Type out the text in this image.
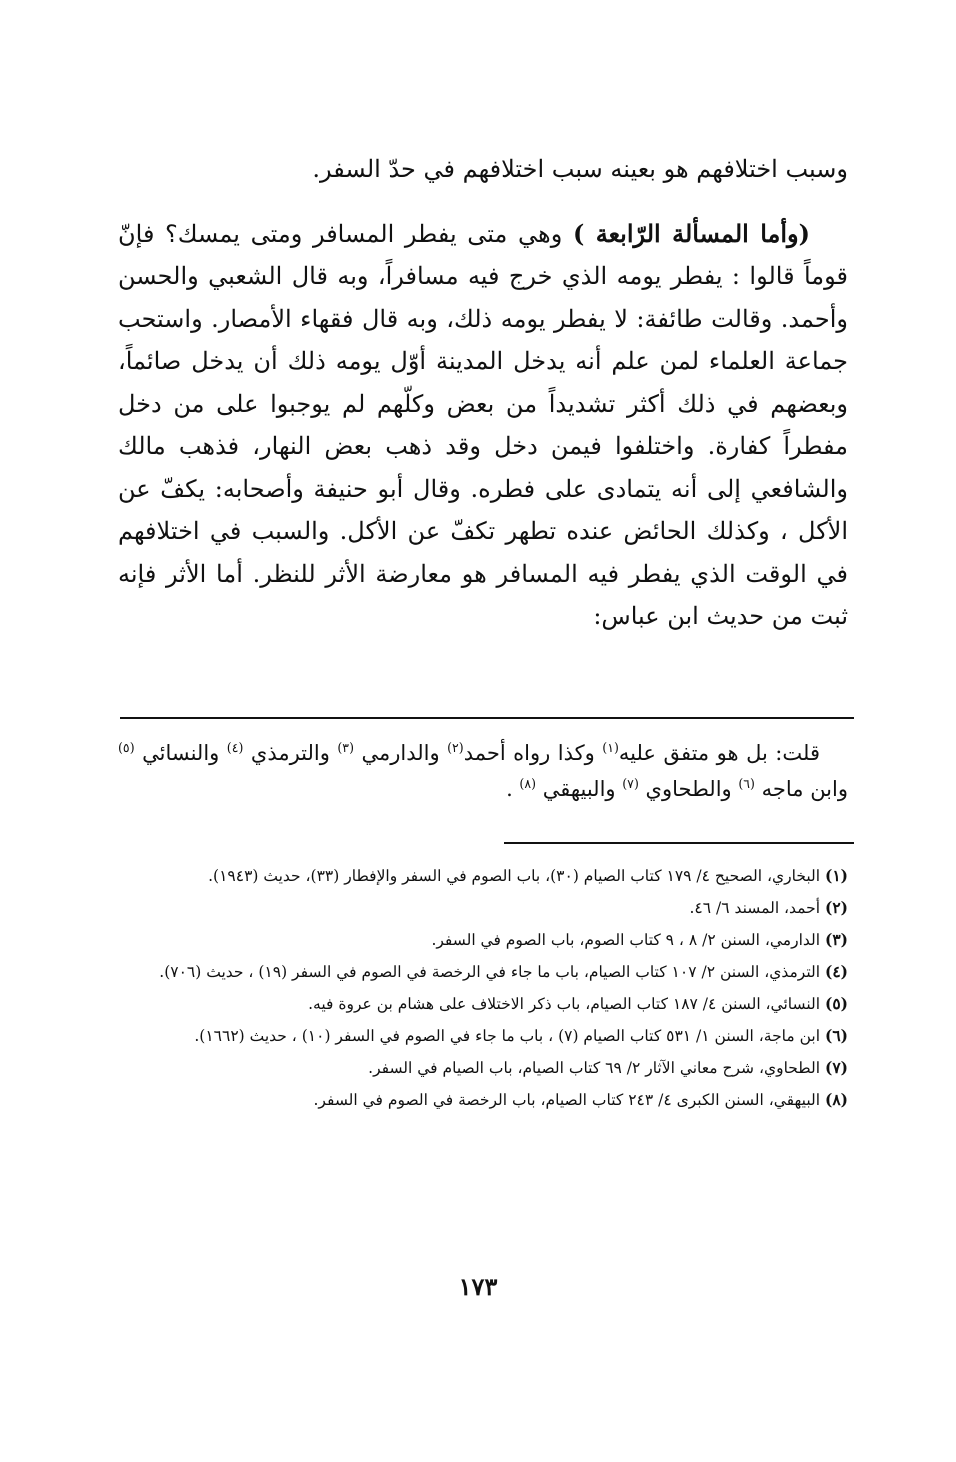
وسبب اختلافهم هو بعينه سبب اختلافهم في حدّ السفر.

(وأما المسألة الرّابعة ) وهي متى يفطر المسافر ومتى يمسك؟ فإنّ قوماً قالوا : يفطر يومه الذي خرج فيه مسافراً، وبه قال الشعبي والحسن وأحمد. وقالت طائفة: لا يفطر يومه ذلك، وبه قال فقهاء الأمصار. واستحب جماعة العلماء لمن علم أنه يدخل المدينة أوّل يومه ذلك أن يدخل صائماً، وبعضهم في ذلك أكثر تشديداً من بعض وكلّهم لم يوجبوا على من دخل مفطراً كفارة. واختلفوا فيمن دخل وقد ذهب بعض النهار، فذهب مالك والشافعي إلى أنه يتمادى على فطره. وقال أبو حنيفة وأصحابه: يكفّ عن الأكل ، وكذلك الحائض عنده تطهر تكفّ عن الأكل. والسبب في اختلافهم في الوقت الذي يفطر فيه المسافر هو معارضة الأثر للنظر. أما الأثر فإنه ثبت من حديث ابن عباس:

قلت: بل هو متفق عليه$^{(١)}$ وكذا رواه أحمد$^{(٢)}$ والدارمي $^{(٣)}$ والترمذي $^{(٤)}$ والنسائي $^{(٥)}$ وابن ماجه $^{(٦)}$ والطحاوي $^{(٧)}$ والبيهقي $^{(٨)}$ .

(١) البخاري، الصحيح ٤/ ١٧٩ كتاب الصيام (٣٠)، باب الصوم في السفر والإفطار (٣٣)، حديث (١٩٤٣).
(٢) أحمد، المسند ٦/ ٤٦.
(٣) الدارمي، السنن ٢/ ٨ ، ٩ كتاب الصوم، باب الصوم في السفر.
(٤) الترمذي، السنن ٢/ ١٠٧ كتاب الصيام، باب ما جاء في الرخصة في الصوم في السفر (١٩) ، حديث (٧٠٦).
(٥) النسائي، السنن ٤/ ١٨٧ كتاب الصيام، باب ذكر الاختلاف على هشام بن عروة فيه.
(٦) ابن ماجة، السنن ١/ ٥٣١ كتاب الصيام (٧) ، باب ما جاء في الصوم في السفر (١٠) ، حديث (١٦٦٢).
(٧) الطحاوي، شرح معاني الآثار ٢/ ٦٩ كتاب الصيام، باب الصيام في السفر.
(٨) البيهقي، السنن الكبرى ٤/ ٢٤٣ كتاب الصيام، باب الرخصة في الصوم في السفر.
١٧٣
